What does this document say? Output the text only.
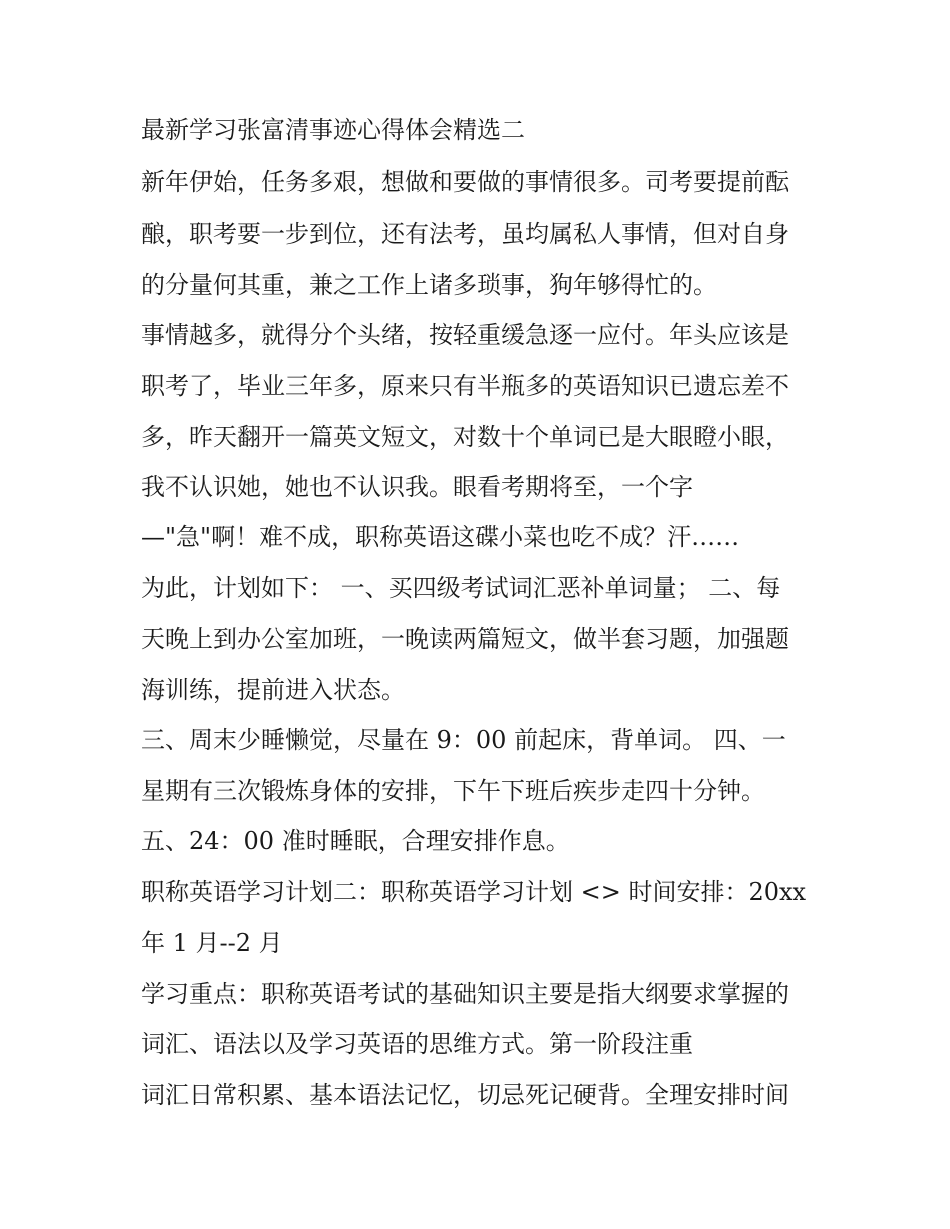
最新学习张富清事迹心得体会精选二

新年伊始，任务多艰，想做和要做的事情很多。司考要提前酝

酿，职考要一步到位，还有法考，虽均属私人事情，但对自身

的分量何其重，兼之工作上诸多琐事，狗年够得忙的。

事情越多，就得分个头绪，按轻重缓急逐一应付。年头应该是

职考了，毕业三年多，原来只有半瓶多的英语知识已遗忘差不

多，昨天翻开一篇英文短文，对数十个单词已是大眼瞪小眼，

我不认识她，她也不认识我。眼看考期将至，一个字

—"急"啊！难不成，职称英语这碟小菜也吃不成？汗……

为此，计划如下： 一、买四级考试词汇恶补单词量； 二、每

天晚上到办公室加班，一晚读两篇短文，做半套习题，加强题

海训练，提前进入状态。

三、周末少睡懒觉，尽量在 9：00 前起床，背单词。 四、一

星期有三次锻炼身体的安排，下午下班后疾步走四十分钟。

五、24：00 准时睡眠，合理安排作息。

职称英语学习计划二：职称英语学习计划 <> 时间安排：20xx

年 1 月--2 月

学习重点：职称英语考试的基础知识主要是指大纲要求掌握的

词汇、语法以及学习英语的思维方式。第一阶段注重

词汇日常积累、基本语法记忆，切忌死记硬背。全理安排时间
